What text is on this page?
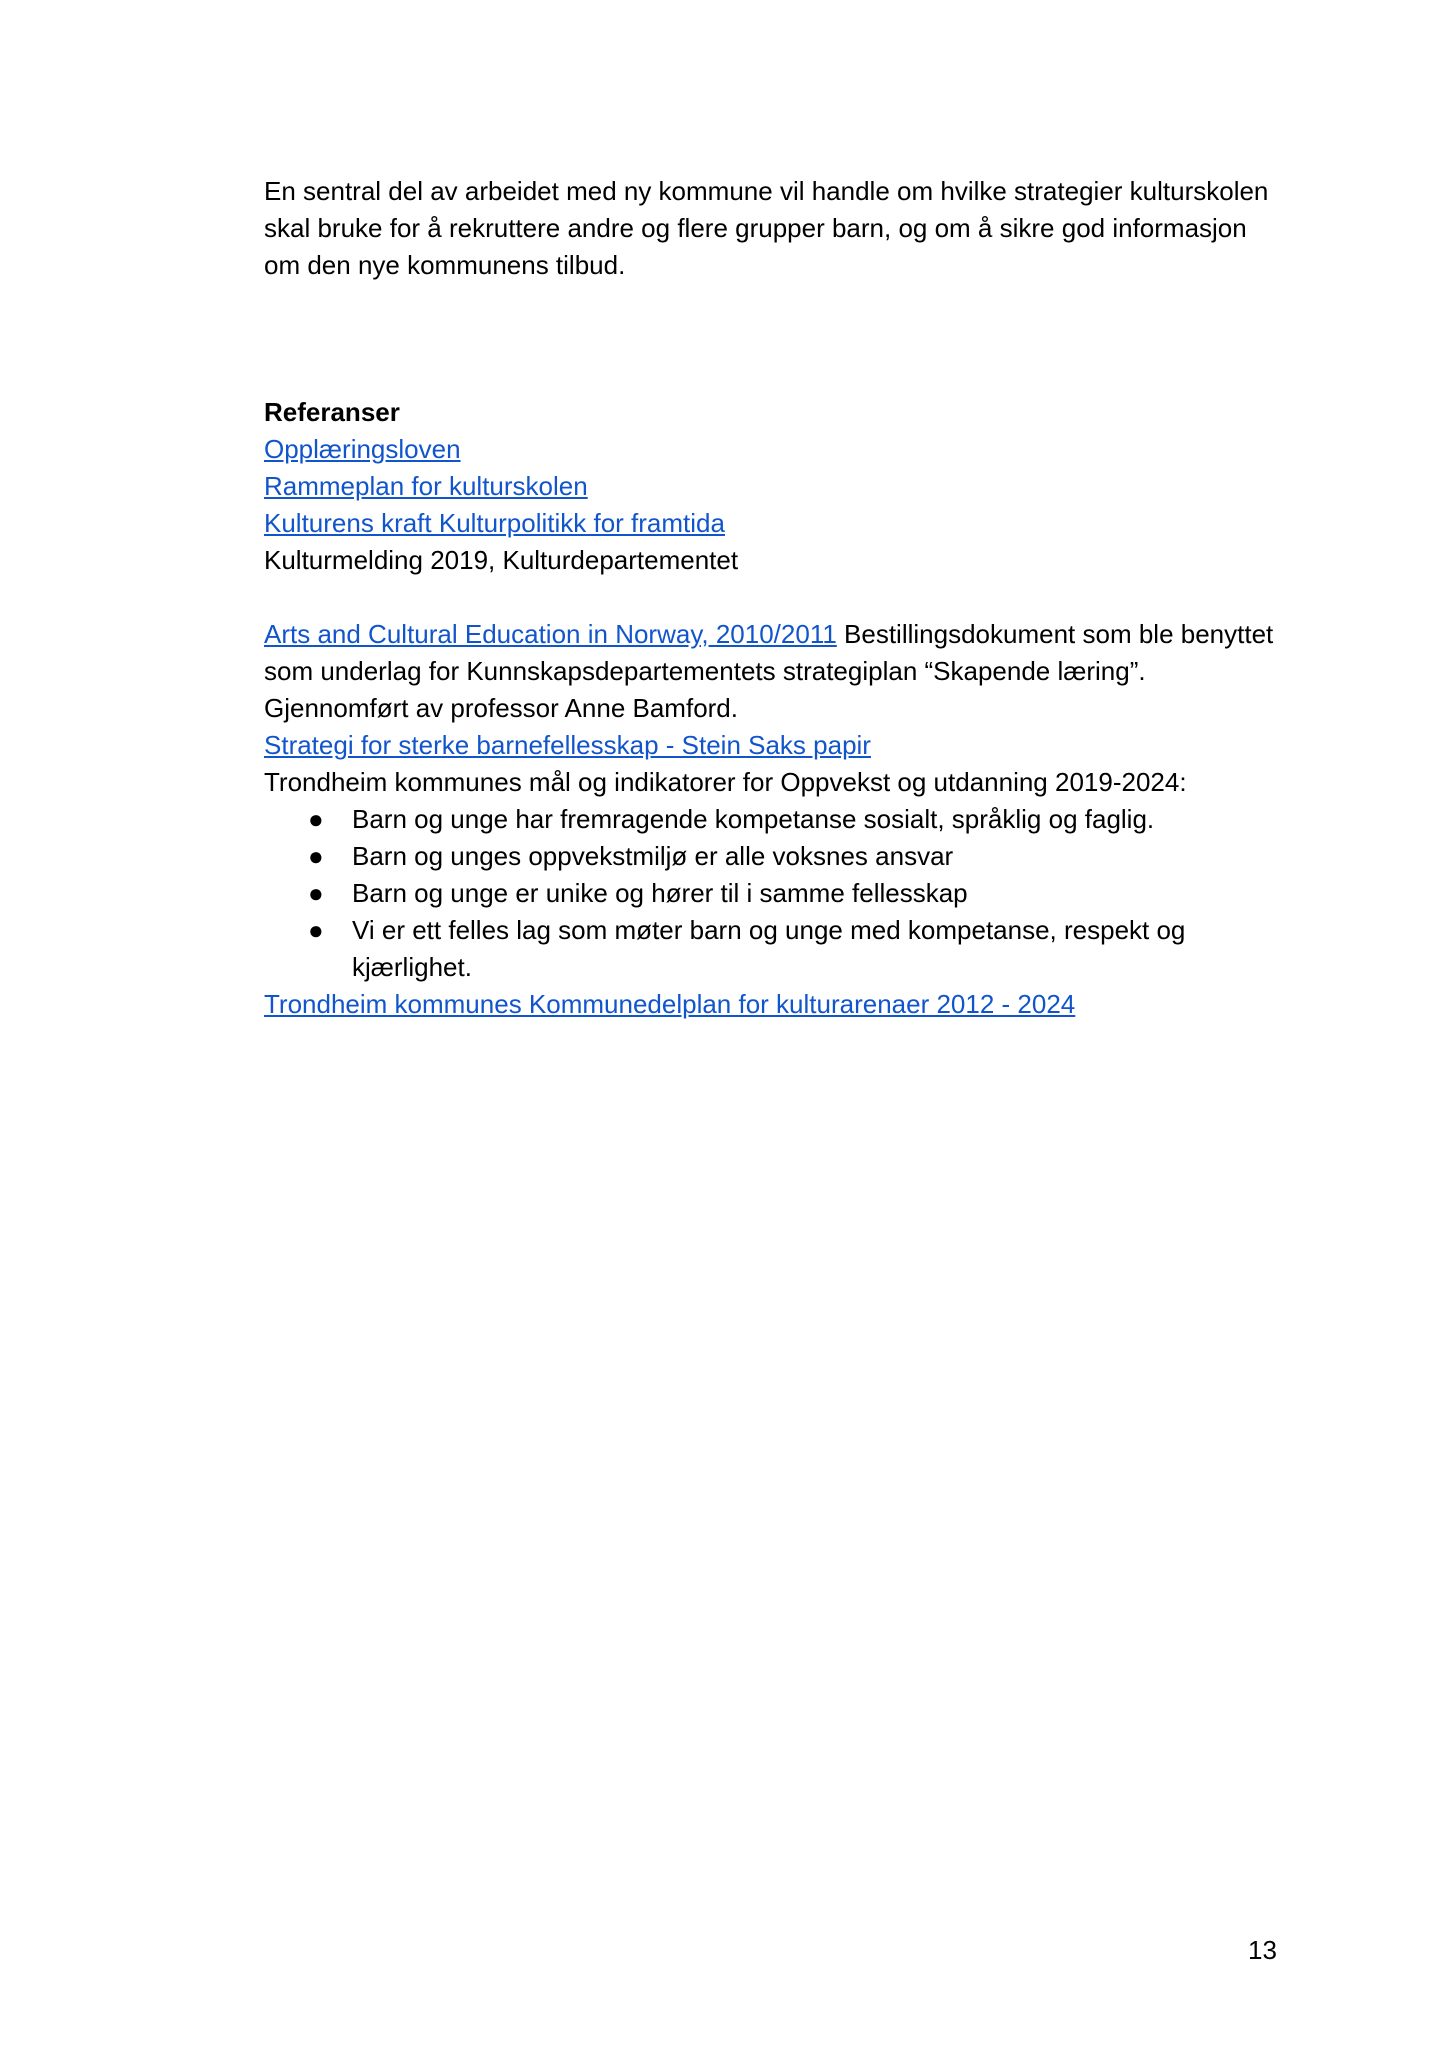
En sentral del av arbeidet med ny kommune vil handle om hvilke strategier kulturskolen skal bruke for å rekruttere andre og flere grupper barn, og om å sikre god informasjon om den nye kommunens tilbud.

Referanser

Opplæringsloven

Rammeplan for kulturskolen

Kulturens kraft Kulturpolitikk for framtida

Kulturmelding 2019, Kulturdepartementet

Arts and Cultural Education in Norway, 2010/2011 Bestillingsdokument som ble benyttet som underlag for Kunnskapsdepartementets strategiplan “Skapende læring”. Gjennomført av professor Anne Bamford.

Strategi for sterke barnefellesskap - Stein Saks papir

Trondheim kommunes mål og indikatorer for Oppvekst og utdanning 2019-2024:

● Barn og unge har fremragende kompetanse sosialt, språklig og faglig.
● Barn og unges oppvekstmiljø er alle voksnes ansvar
● Barn og unge er unike og hører til i samme fellesskap
● Vi er ett felles lag som møter barn og unge med kompetanse, respekt og kjærlighet.

Trondheim kommunes Kommunedelplan for kulturarenaer 2012 - 2024

13
